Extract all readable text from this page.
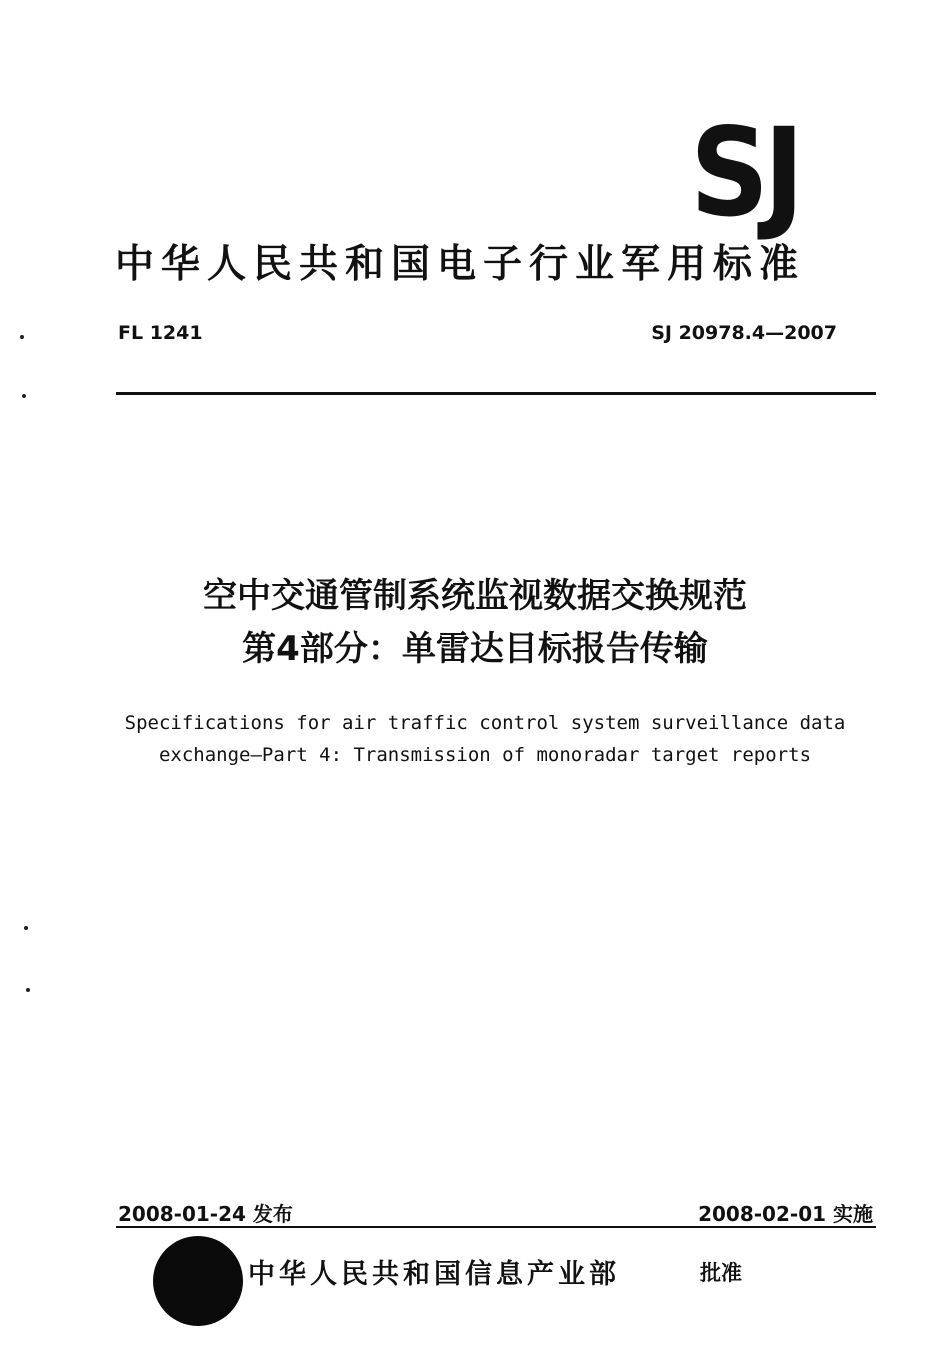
SJ
中华人民共和国电子行业军用标准
FL 1241	SJ 20978.4—2007
空中交通管制系统监视数据交换规范
第4部分：单雷达目标报告传输
Specifications for air traffic control system surveillance data
exchange—Part 4: Transmission of monoradar target reports
2008-01-24 发布	2008-02-01 实施
中华人民共和国信息产业部	批准
